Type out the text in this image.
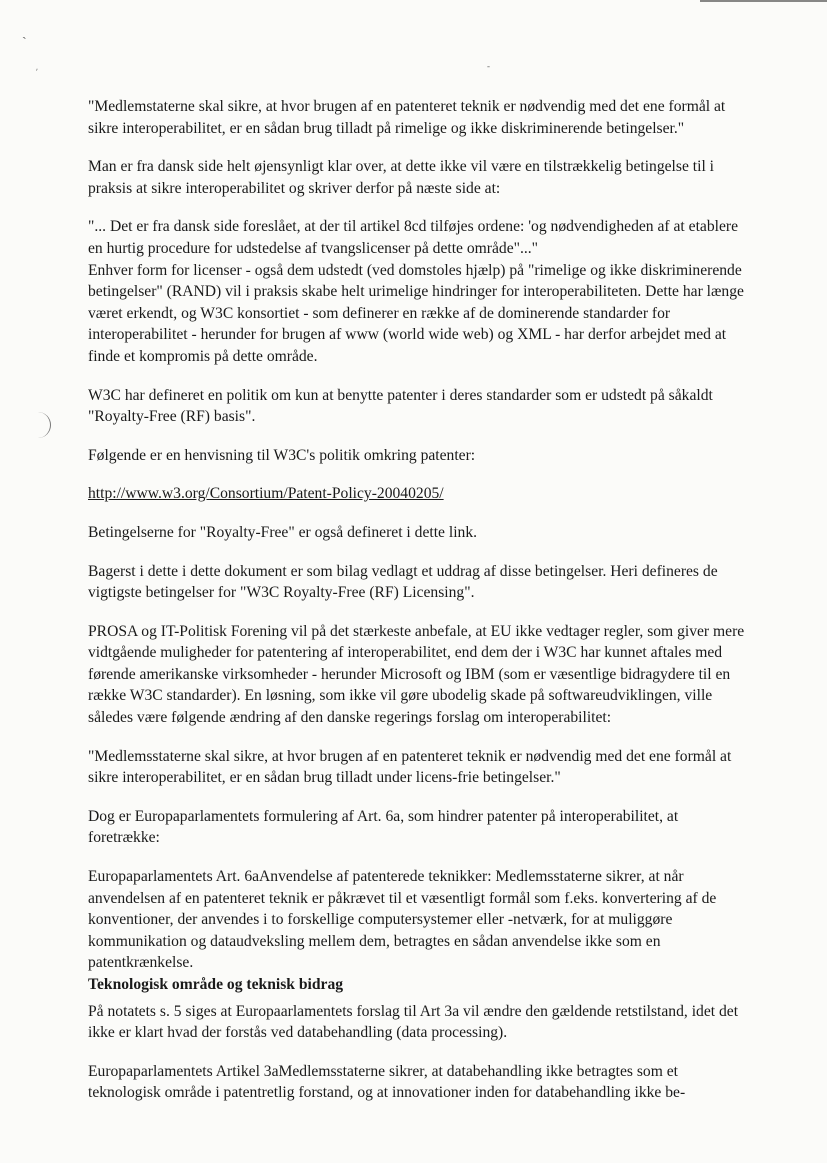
ˎ
ʹ
-

"Medlemstaterne skal sikre, at hvor brugen af en patenteret teknik er nødvendig med det ene formål at sikre interoperabilitet, er en sådan brug tilladt på rimelige og ikke diskriminerende betingelser."

Man er fra dansk side helt øjensynligt klar over, at dette ikke vil være en tilstrækkelig betingelse til i praksis at sikre interoperabilitet og skriver derfor på næste side at:

"... Det er fra dansk side foreslået, at der til artikel 8cd tilføjes ordene: 'og nødvendigheden af at etablere en hurtig procedure for udstedelse af tvangslicenser på dette område"..."

Enhver form for licenser - også dem udstedt (ved domstoles hjælp) på "rimelige og ikke diskriminerende betingelser" (RAND) vil i praksis skabe helt urimelige hindringer for interoperabiliteten. Dette har længe været erkendt, og W3C konsortiet - som definerer en række af de dominerende standarder for interoperabilitet - herunder for brugen af www (world wide web) og XML - har derfor arbejdet med at finde et kompromis på dette område.

W3C har defineret en politik om kun at benytte patenter i deres standarder som er udstedt på såkaldt "Royalty-Free (RF) basis".

Følgende er en henvisning til W3C's politik omkring patenter:

http://www.w3.org/Consortium/Patent-Policy-20040205/

Betingelserne for "Royalty-Free" er også defineret i dette link.

Bagerst i dette i dette dokument er som bilag vedlagt et uddrag af disse betingelser. Heri defineres de vigtigste betingelser for "W3C Royalty-Free (RF) Licensing".

PROSA og IT-Politisk Forening vil på det stærkeste anbefale, at EU ikke vedtager regler, som giver mere vidtgående muligheder for patentering af interoperabilitet, end dem der i W3C har kunnet aftales med førende amerikanske virksomheder - herunder Microsoft og IBM (som er væsentlige bidragydere til en række W3C standarder). En løsning, som ikke vil gøre ubodelig skade på softwareudviklingen, ville således være følgende ændring af den danske regerings forslag om interoperabilitet:

"Medlemsstaterne skal sikre, at hvor brugen af en patenteret teknik er nødvendig med det ene formål at sikre interoperabilitet, er en sådan brug tilladt under licens-frie betingelser."

Dog er Europaparlamentets formulering af Art. 6a, som hindrer patenter på interoperabilitet, at foretrække:

Europaparlamentets Art. 6aAnvendelse af patenterede teknikker: Medlemsstaterne sikrer, at når anvendelsen af en patenteret teknik er påkrævet til et væsentligt formål som f.eks. konvertering af de konventioner, der anvendes i to forskellige computersystemer eller -netværk, for at muliggøre kommunikation og dataudveksling mellem dem, betragtes en sådan anvendelse ikke som en patentkrænkelse.

Teknologisk område og teknisk bidrag

På notatets s. 5 siges at Europaarlamentets forslag til Art 3a vil ændre den gældende retstilstand, idet det ikke er klart hvad der forstås ved databehandling (data processing).

Europaparlamentets Artikel 3aMedlemsstaterne sikrer, at databehandling ikke betragtes som et teknologisk område i patentretlig forstand, og at innovationer inden for databehandling ikke be-
